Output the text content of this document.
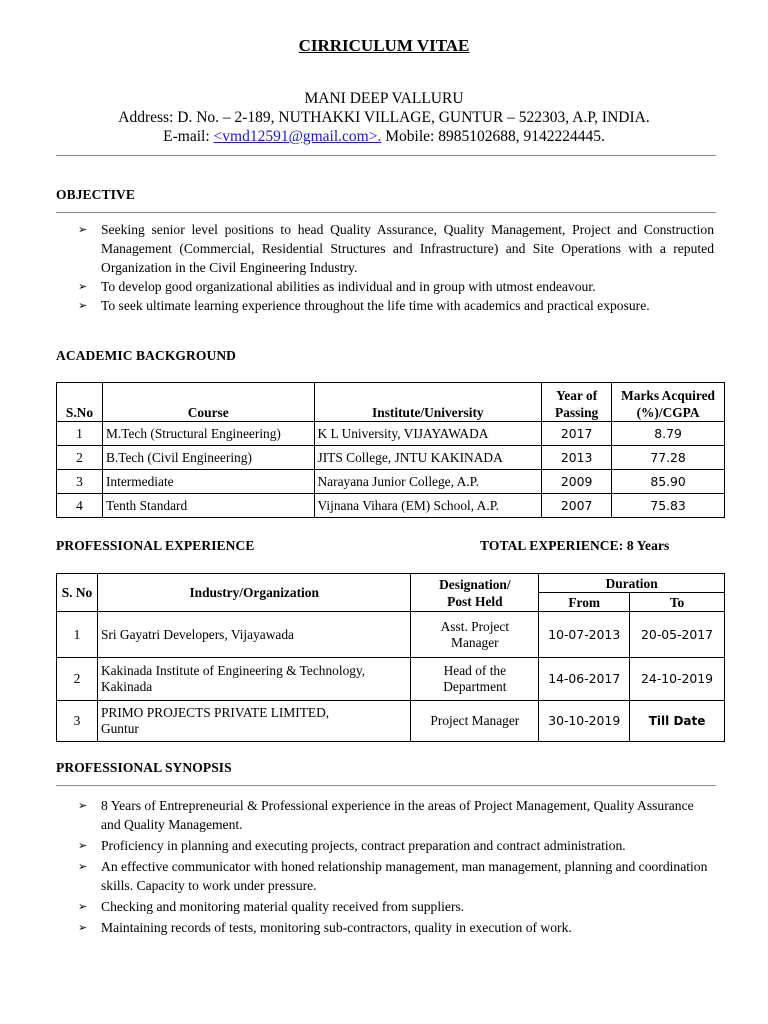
CIRRICULUM VITAE
MANI DEEP VALLURU
Address: D. No. – 2-189, NUTHAKKI VILLAGE, GUNTUR – 522303, A.P, INDIA.
E-mail: <vmd12591@gmail.com>. Mobile: 8985102688, 9142224445.
OBJECTIVE
➢ Seeking senior level positions to head Quality Assurance, Quality Management, Project and Construction Management (Commercial, Residential Structures and Infrastructure) and Site Operations with a reputed Organization in the Civil Engineering Industry.
➢ To develop good organizational abilities as individual and in group with utmost endeavour.
➢ To seek ultimate learning experience throughout the life time with academics and practical exposure.
ACADEMIC BACKGROUND
S.No	Course	Institute/University	Year of
Passing	Marks Acquired
(%)/CGPA
1	M.Tech (Structural Engineering)	K L University, VIJAYAWADA	2017	8.79
2	B.Tech (Civil Engineering)	JITS College, JNTU KAKINADA	2013	77.28
3	Intermediate	Narayana Junior College, A.P.	2009	85.90
4	Tenth Standard	Vijnana Vihara (EM) School, A.P.	2007	75.83
PROFESSIONAL EXPERIENCE	TOTAL EXPERIENCE: 8 Years
S. No	Industry/Organization	Designation/
Post Held	Duration	
			From	To
1	Sri Gayatri Developers, Vijayawada	Asst. Project
Manager	10-07-2013	20-05-2017
2	Kakinada Institute of Engineering & Technology,
Kakinada	Head of the
Department	14-06-2017	24-10-2019
3	PRIMO PROJECTS PRIVATE LIMITED,
Guntur	Project Manager	30-10-2019	Till Date
PROFESSIONAL SYNOPSIS
➢ 8 Years of Entrepreneurial & Professional experience in the areas of Project Management, Quality Assurance and Quality Management.
➢ Proficiency in planning and executing projects, contract preparation and contract administration.
➢ An effective communicator with honed relationship management, man management, planning and coordination skills. Capacity to work under pressure.
➢ Checking and monitoring material quality received from suppliers.
➢ Maintaining records of tests, monitoring sub-contractors, quality in execution of work.
